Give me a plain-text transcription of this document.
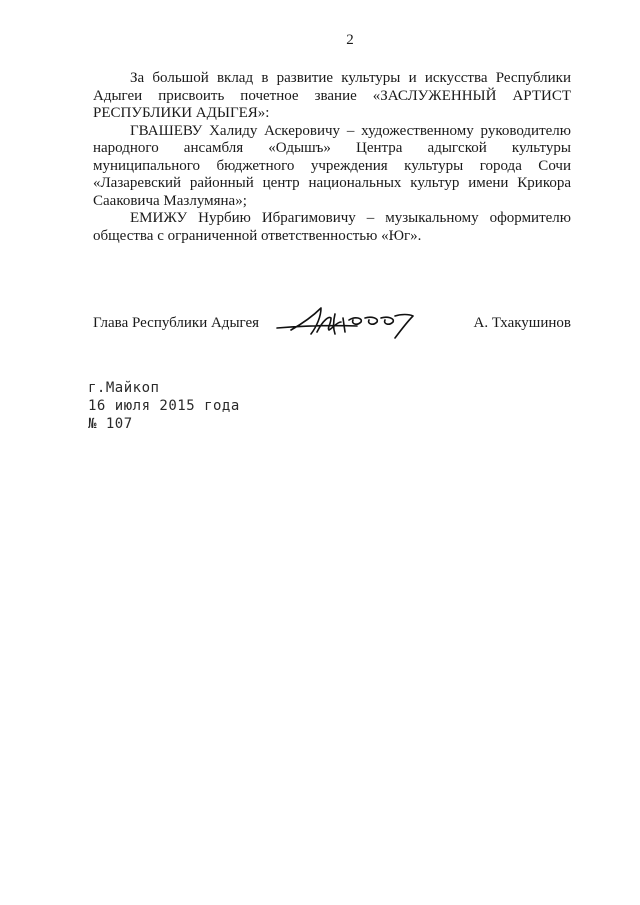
2

За большой вклад в развитие культуры и искусства Республики Адыгеи присвоить почетное звание «ЗАСЛУЖЕННЫЙ АРТИСТ РЕСПУБЛИКИ АДЫГЕЯ»:

ГВАШЕВУ Халиду Аскеровичу – художественному руководителю народного ансамбля «Одышъ» Центра адыгской культуры муниципального бюджетного учреждения культуры города Сочи «Лазаревский районный центр национальных культур имени Крикора Сааковича Мазлумяна»;

ЕМИЖУ Нурбию Ибрагимовичу – музыкальному оформителю общества с ограниченной ответственностью «Юг».

Глава Республики Адыгея	А. Тхакушинов
г.Майкоп
16 июля 2015 года
№ 107
